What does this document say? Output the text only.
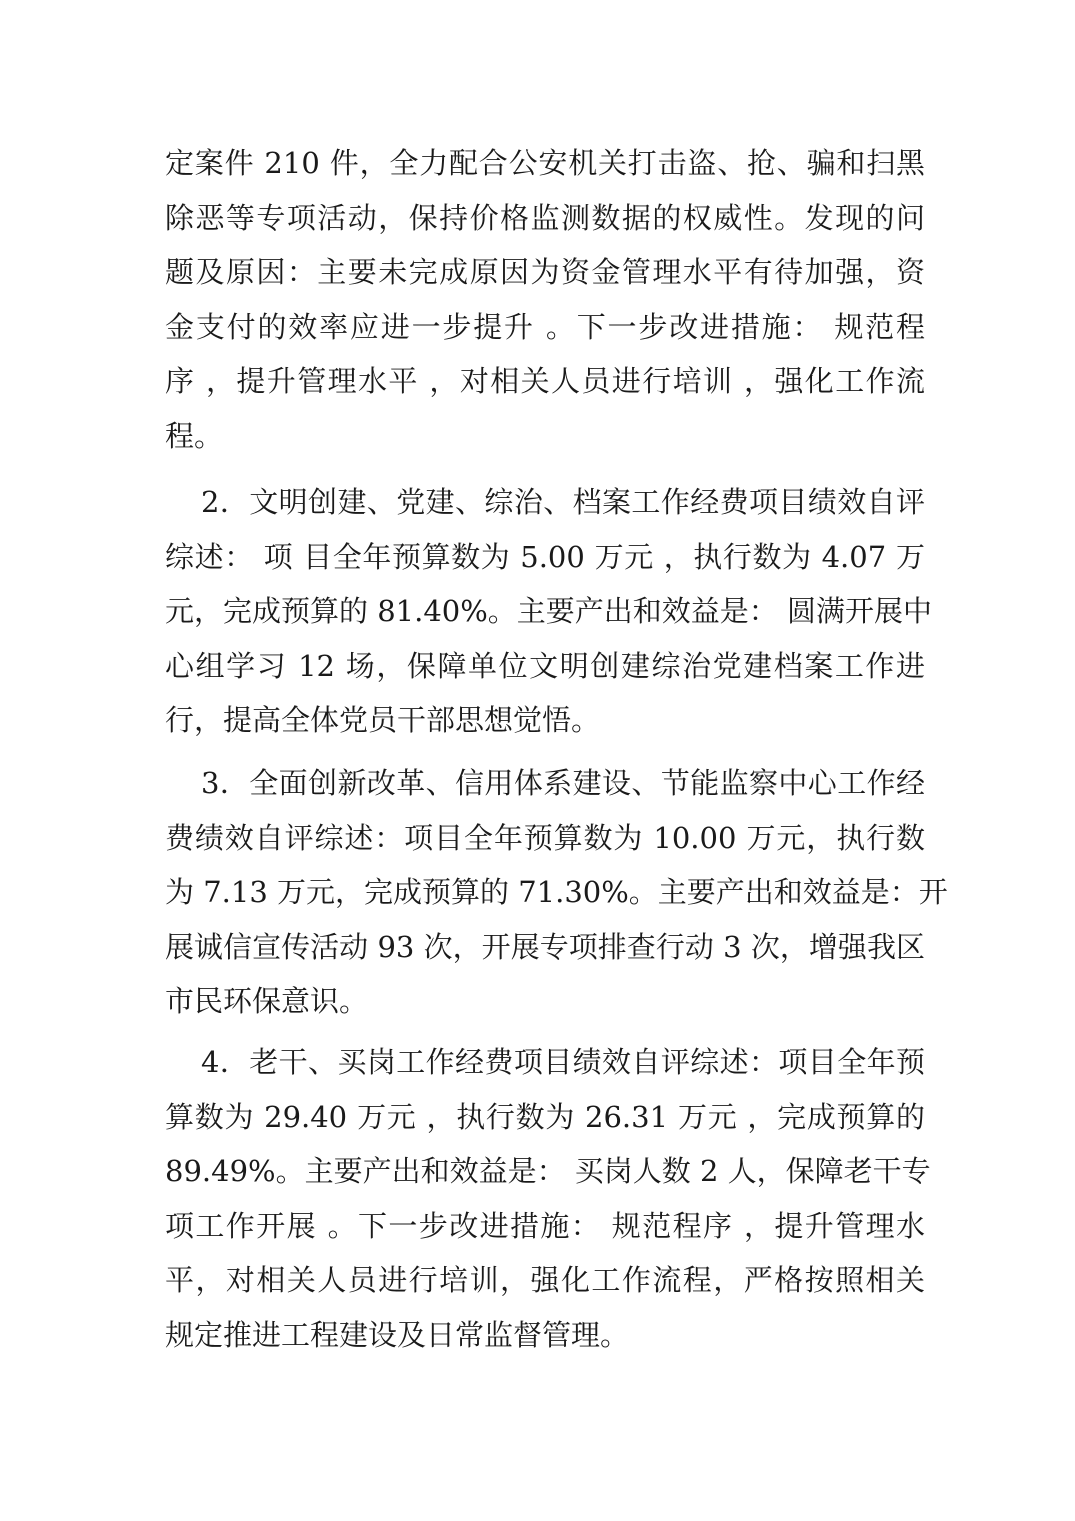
定案件 210 件，全力配合公安机关打击盗、抢、骗和扫黑
除恶等专项活动，保持价格监测数据的权威性。发现的问
题及原因：主要未完成原因为资金管理水平有待加强，资
金支付的效率应进一步提升 。下一步改进措施： 规范程
序 ，提升管理水平 ，对相关人员进行培训 ，强化工作流
程。
2．文明创建、党建、综治、档案工作经费项目绩效自评
综述： 项 目全年预算数为 5.00 万元 ，执行数为 4.07 万
元，完成预算的 81.40%。主要产出和效益是： 圆满开展中
心组学习 12 场，保障单位文明创建综治党建档案工作进
行，提高全体党员干部思想觉悟。
3．全面创新改革、信用体系建设、节能监察中心工作经
费绩效自评综述：项目全年预算数为 10.00 万元，执行数
为 7.13 万元，完成预算的 71.30%。主要产出和效益是：开
展诚信宣传活动 93 次，开展专项排查行动 3 次，增强我区
市民环保意识。
4．老干、买岗工作经费项目绩效自评综述：项目全年预
算数为 29.40 万元 ，执行数为 26.31 万元 ，完成预算的
89.49%。主要产出和效益是： 买岗人数 2 人，保障老干专
项工作开展 。下一步改进措施： 规范程序 ，提升管理水
平，对相关人员进行培训，强化工作流程，严格按照相关
规定推进工程建设及日常监督管理。
